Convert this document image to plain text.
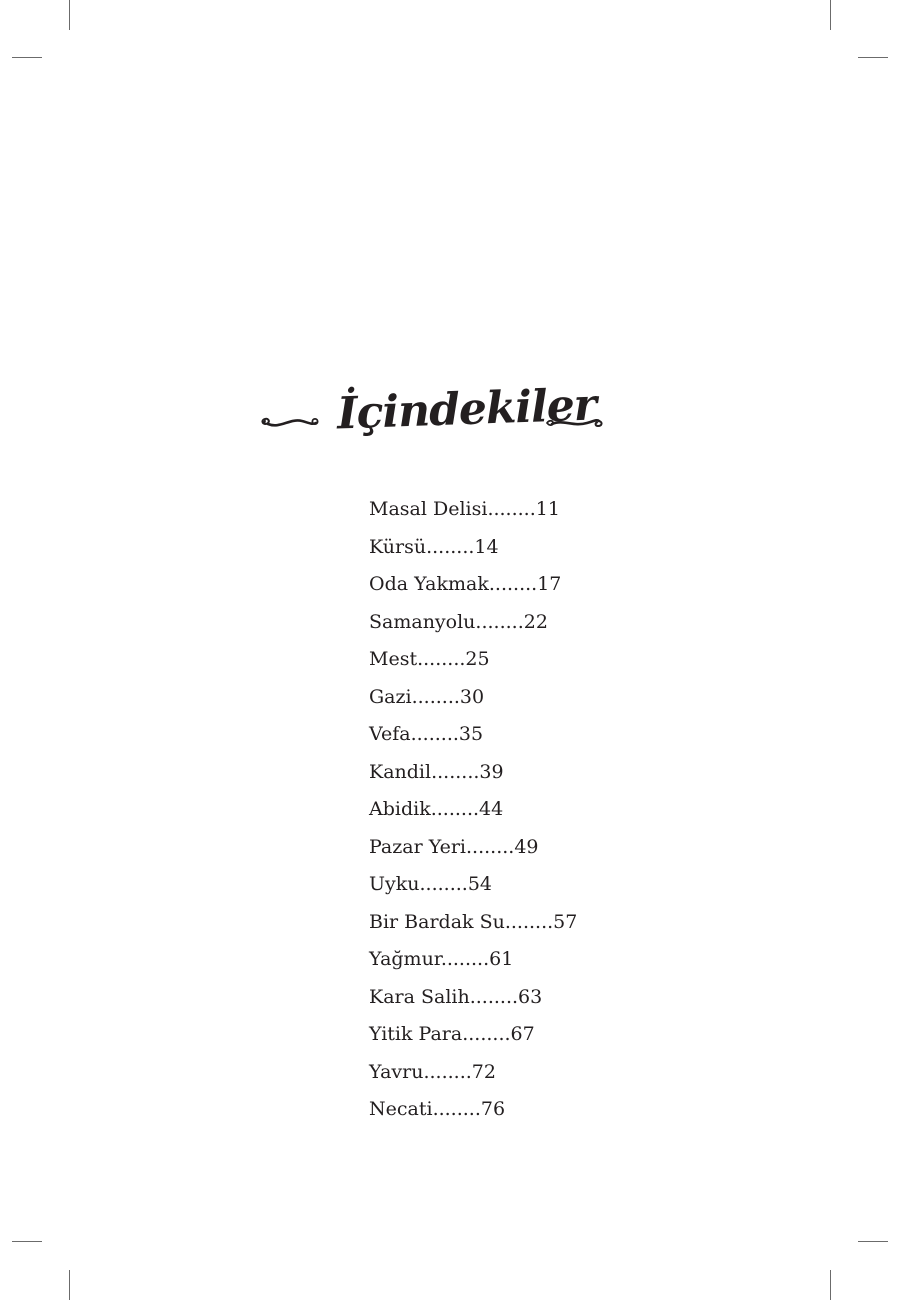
İçindekiler
Masal Delisi........11
Kürsü........14
Oda Yakmak........17
Samanyolu........22
Mest........25
Gazi........30
Vefa........35
Kandil........39
Abidik........44
Pazar Yeri........49
Uyku........54
Bir Bardak Su........57
Yağmur........61
Kara Salih........63
Yitik Para........67
Yavru........72
Necati........76
